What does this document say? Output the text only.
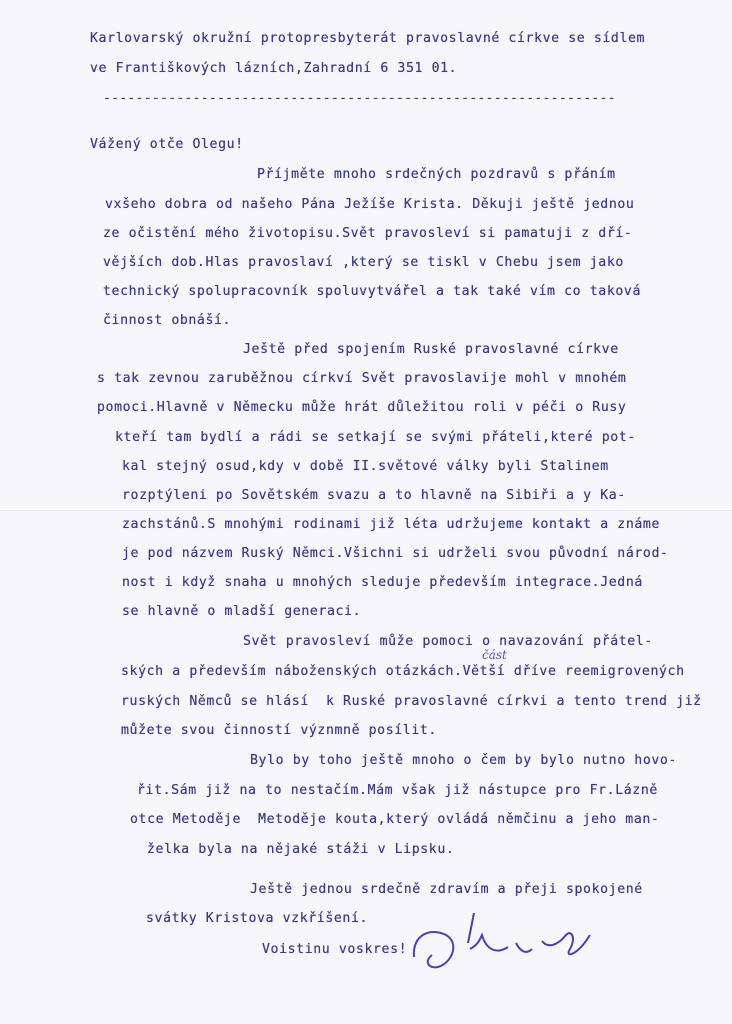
Karlovarský okružní protopresbyterát pravoslavné církve se sídlem
ve Františkových lázních,Zahradní 6 351 01.
---------------------------------------------------------------
Vážený otče Olegu!
Příjměte mnoho srdečných pozdravů s přáním
vxšeho dobra od našeho Pána Ježíše Krista. Děkuji ještě jednou
ze očistění mého životopisu.Svět pravosleví si pamatuji z dří-
vějších dob.Hlas pravoslaví ,který se tiskl v Chebu jsem jako
technický spolupracovník spoluvytvářel a tak také vím co taková
činnost obnáší.
Ještě před spojením Ruské pravoslavné církve
s tak zevnou zaruběžnou církví Svět pravoslavije mohl v mnohém
pomoci.Hlavně v Německu může hrát důležitou roli v péči o Rusy
kteří tam bydlí a rádi se setkají se svými přáteli,které pot-
kal stejný osud,kdy v době II.světové války byli Stalinem
rozptýleni po Sovětském svazu a to hlavně na Sibiři a y Ka-
zachstánů.S mnohými rodinami již léta udržujeme kontakt a známe
je pod názvem Ruský Němci.Všichni si udrželi svou původní národ-
nost i když snaha u mnohých sleduje především integrace.Jedná
se hlavně o mladší generaci.
část
Svět pravosleví může pomoci o navazování přátel-
ských a především náboženských otázkách.Větší dříve reemigrovených
ruských Němců se hlásí  k Ruské pravoslavné církvi a tento trend již
můžete svou činností význmně posílit.
Bylo by toho ještě mnoho o čem by bylo nutno hovo-
řit.Sám již na to nestačím.Mám však již nástupce pro Fr.Lázně
otce Metoděje  Metoděje kouta,který ovládá němčinu a jeho man-
želka byla na nějaké stáži v Lipsku.
Ještě jednou srdečně zdravím a přeji spokojené
svátky Kristova vzkříšení.
Voistinu voskres!
